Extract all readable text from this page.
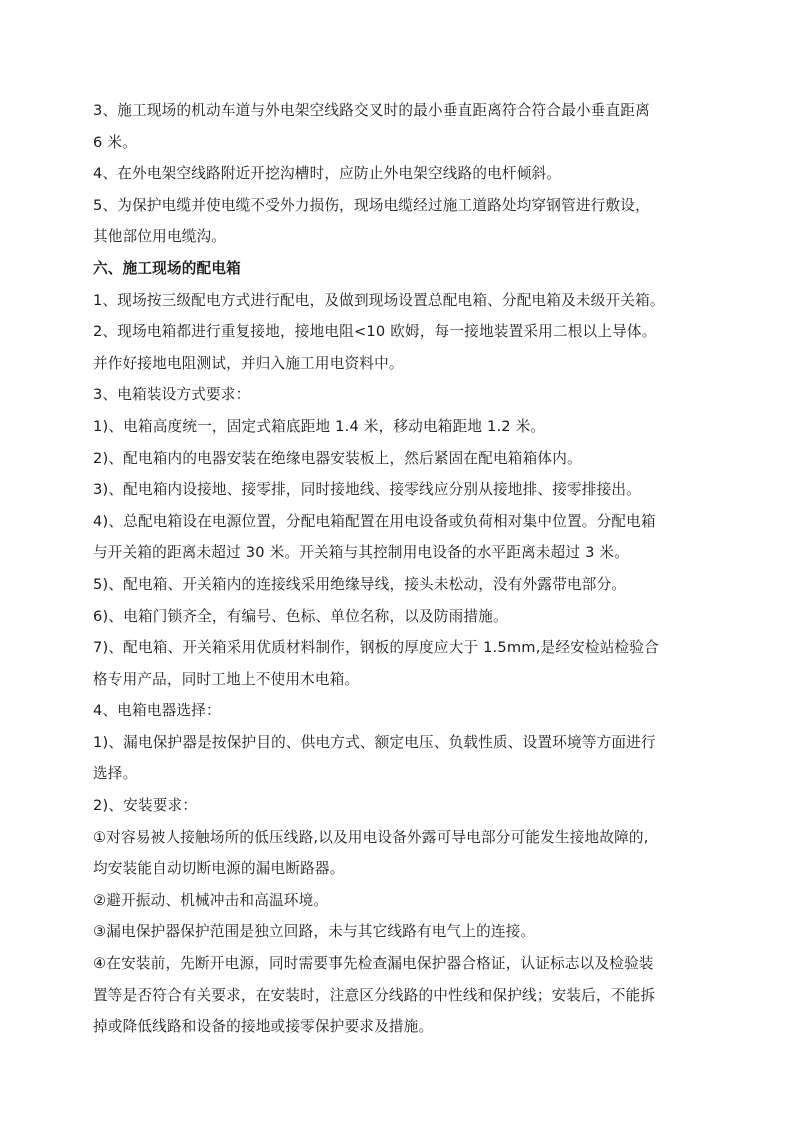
3、施工现场的机动车道与外电架空线路交叉时的最小垂直距离符合符合最小垂直距离
6 米。
4、在外电架空线路附近开挖沟槽时，应防止外电架空线路的电杆倾斜。
5、为保护电缆并使电缆不受外力损伤，现场电缆经过施工道路处均穿钢管进行敷设，
其他部位用电缆沟。
六、施工现场的配电箱
1、现场按三级配电方式进行配电，及做到现场设置总配电箱、分配电箱及未级开关箱。
2、现场电箱都进行重复接地，接地电阻<10 欧姆，每一接地装置采用二根以上导体。
并作好接地电阻测试，并归入施工用电资料中。
3、电箱装设方式要求：
1)、电箱高度统一，固定式箱底距地 1.4 米，移动电箱距地 1.2 米。
2)、配电箱内的电器安装在绝缘电器安装板上，然后紧固在配电箱箱体内。
3)、配电箱内设接地、接零排，同时接地线、接零线应分别从接地排、接零排接出。
4)、总配电箱设在电源位置，分配电箱配置在用电设备或负荷相对集中位置。分配电箱
与开关箱的距离未超过 30 米。开关箱与其控制用电设备的水平距离未超过 3 米。
5)、配电箱、开关箱内的连接线采用绝缘导线，接头未松动，没有外露带电部分。
6)、电箱门锁齐全，有编号、色标、单位名称，以及防雨措施。
7)、配电箱、开关箱采用优质材料制作，钢板的厚度应大于 1.5mm,是经安检站检验合
格专用产品，同时工地上不使用木电箱。
4、电箱电器选择：
1)、漏电保护器是按保护目的、供电方式、额定电压、负载性质、设置环境等方面进行
选择。
2)、安装要求：
①对容易被人接触场所的低压线路,以及用电设备外露可导电部分可能发生接地故障的,
均安装能自动切断电源的漏电断路器。
②避开振动、机械冲击和高温环境。
③漏电保护器保护范围是独立回路，未与其它线路有电气上的连接。
④在安装前，先断开电源，同时需要事先检查漏电保护器合格证，认证标志以及检验装
置等是否符合有关要求，在安装时，注意区分线路的中性线和保护线；安装后，不能拆
掉或降低线路和设备的接地或接零保护要求及措施。
